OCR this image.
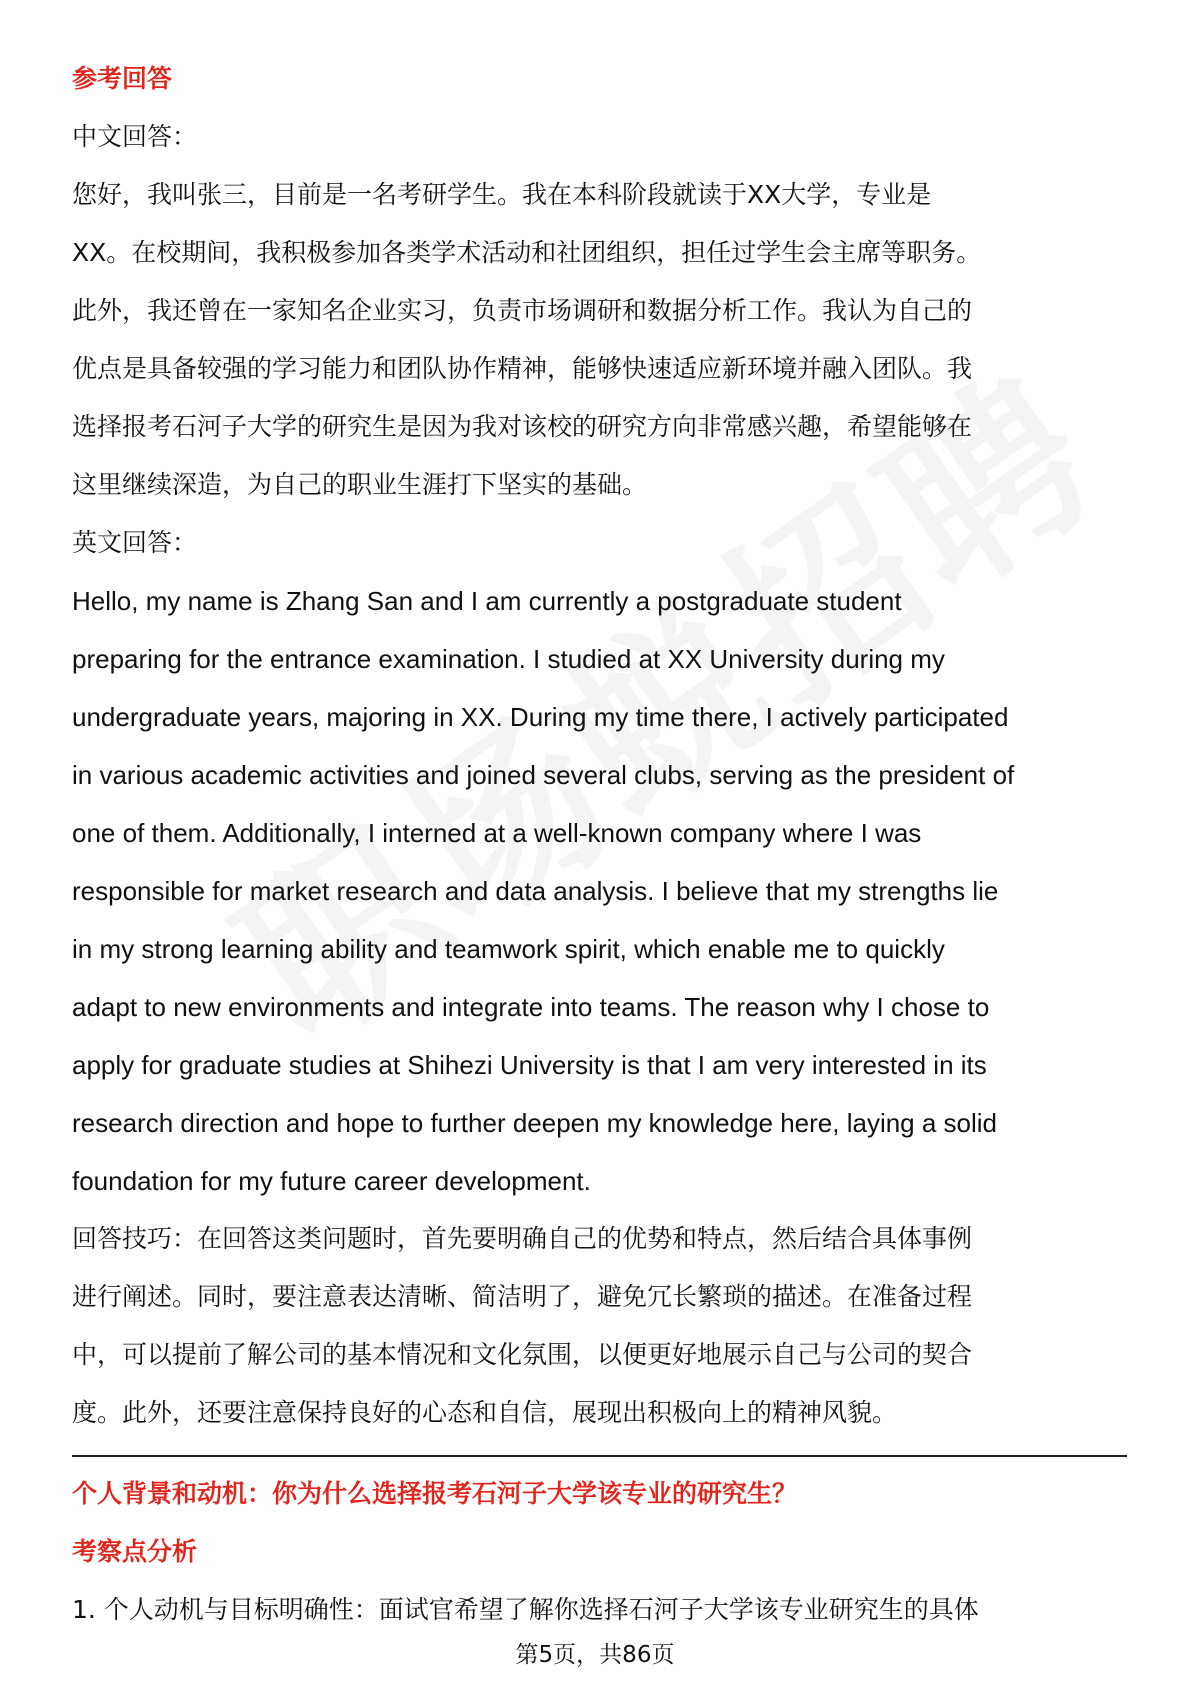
参考回答
中文回答：
您好，我叫张三，目前是一名考研学生。我在本科阶段就读于XX大学，专业是
XX。在校期间，我积极参加各类学术活动和社团组织，担任过学生会主席等职务。
此外，我还曾在一家知名企业实习，负责市场调研和数据分析工作。我认为自己的
优点是具备较强的学习能力和团队协作精神，能够快速适应新环境并融入团队。我
选择报考石河子大学的研究生是因为我对该校的研究方向非常感兴趣，希望能够在
这里继续深造，为自己的职业生涯打下坚实的基础。
英文回答：
Hello, my name is Zhang San and I am currently a postgraduate student
preparing for the entrance examination. I studied at XX University during my
undergraduate years, majoring in XX. During my time there, I actively participated
in various academic activities and joined several clubs, serving as the president of
one of them. Additionally, I interned at a well-known company where I was
responsible for market research and data analysis. I believe that my strengths lie
in my strong learning ability and teamwork spirit, which enable me to quickly
adapt to new environments and integrate into teams. The reason why I chose to
apply for graduate studies at Shihezi University is that I am very interested in its
research direction and hope to further deepen my knowledge here, laying a solid
foundation for my future career development.
回答技巧：在回答这类问题时，首先要明确自己的优势和特点，然后结合具体事例
进行阐述。同时，要注意表达清晰、简洁明了，避免冗长繁琐的描述。在准备过程
中，可以提前了解公司的基本情况和文化氛围，以便更好地展示自己与公司的契合
度。此外，还要注意保持良好的心态和自信，展现出积极向上的精神风貌。
个人背景和动机：你为什么选择报考石河子大学该专业的研究生？
考察点分析
1. 个人动机与目标明确性：面试官希望了解你选择石河子大学该专业研究生的具体
第5页，共86页
